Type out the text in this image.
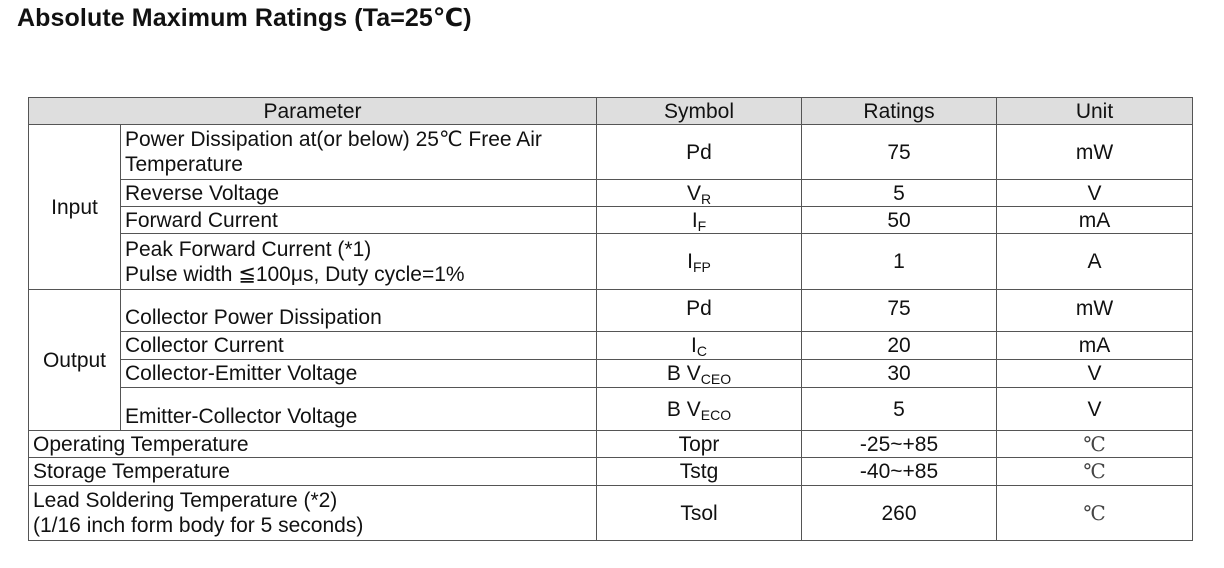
Absolute Maximum Ratings (Ta=25℃)
Parameter		Symbol	Ratings	Unit
Input	Power Dissipation at(or below) 25℃ Free Air
Temperature	Pd	75	mW

	Reverse Voltage	$V_R$	5	V

	Forward Current	$I_F$	50	mA

	Peak Forward Current (*1)
Pulse width ≦100μs, Duty cycle=1%	$I_{FP}$	1	A
Output	Collector Power Dissipation	Pd	75	mW

	Collector Current	$I_C$	20	mA

	Collector-Emitter Voltage	B $V_{CEO}$	30	V

	Emitter-Collector Voltage	B $V_{ECO}$	5	V

Operating Temperature		Topr	-25~+85	℃

Storage Temperature		Tstg	-40~+85	℃

Lead Soldering Temperature (*2)
(1/16 inch form body for 5 seconds)		Tsol	260	℃
